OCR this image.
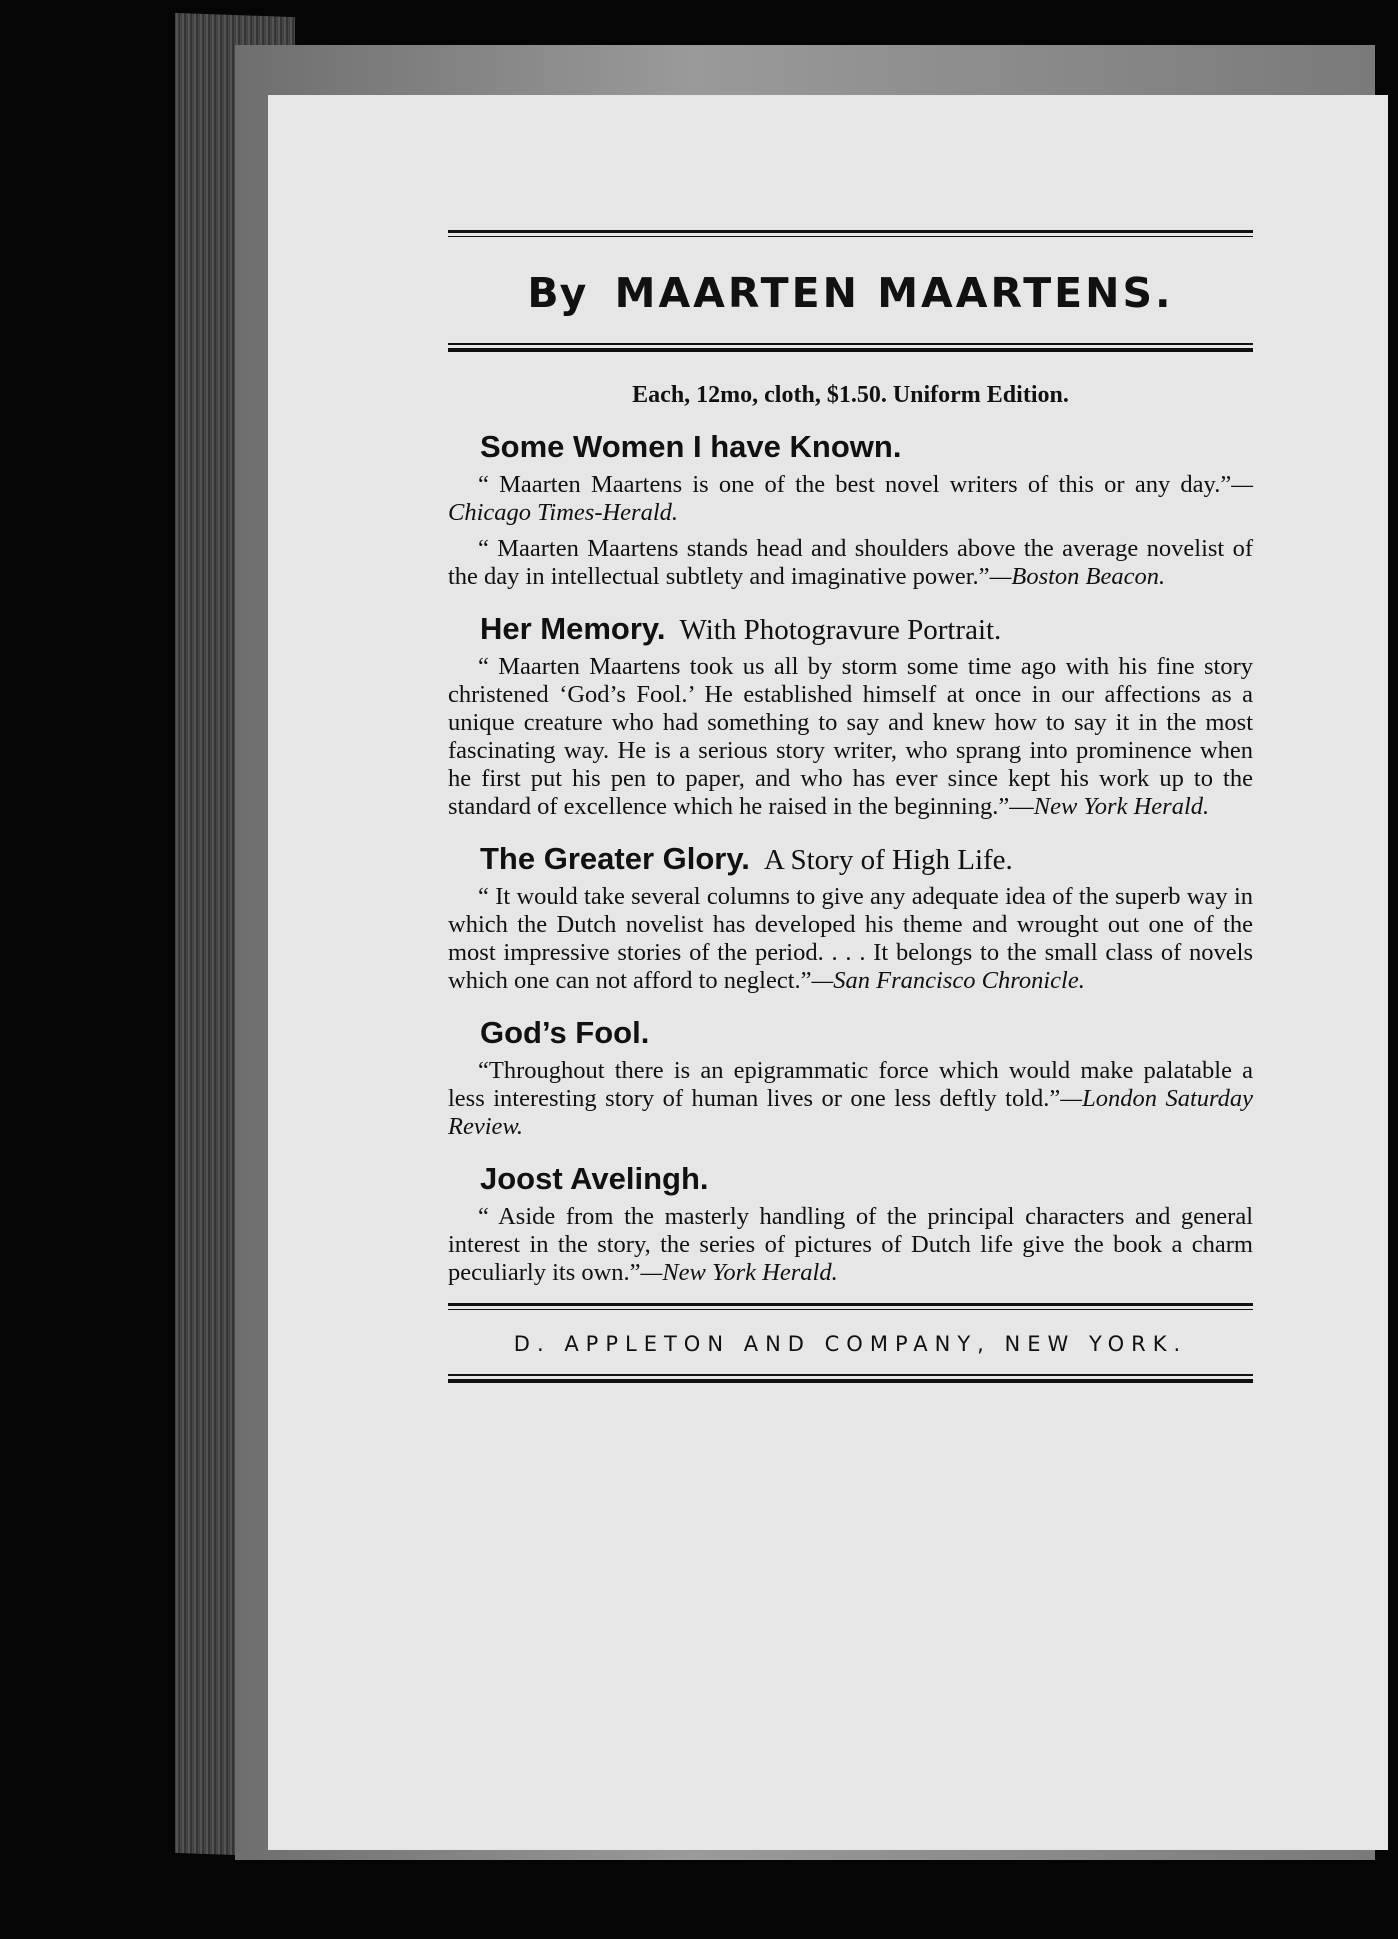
By MAARTEN MAARTENS.
Each, 12mo, cloth, $1.50. Uniform Edition.
Some Women I have Known.

“ Maarten Maartens is one of the best novel writers of this or any day.”—Chicago Times-Herald.

“ Maarten Maartens stands head and shoulders above the average novelist of the day in intellectual subtlety and imaginative power.”—Boston Beacon.

Her Memory. With Photogravure Portrait.

“ Maarten Maartens took us all by storm some time ago with his fine story christened ‘God’s Fool.’ He established himself at once in our affections as a unique creature who had something to say and knew how to say it in the most fascinating way. He is a serious story writer, who sprang into prominence when he first put his pen to paper, and who has ever since kept his work up to the standard of excellence which he raised in the beginning.”—New York Herald.

The Greater Glory. A Story of High Life.

“ It would take several columns to give any adequate idea of the superb way in which the Dutch novelist has developed his theme and wrought out one of the most impressive stories of the period. . . . It belongs to the small class of novels which one can not afford to neglect.”—San Francisco Chronicle.

God’s Fool.

“Throughout there is an epigrammatic force which would make palatable a less interesting story of human lives or one less deftly told.”—London Saturday Review.

Joost Avelingh.

“ Aside from the masterly handling of the principal characters and general interest in the story, the series of pictures of Dutch life give the book a charm peculiarly its own.”—New York Herald.

D. APPLETON AND COMPANY, NEW YORK.
